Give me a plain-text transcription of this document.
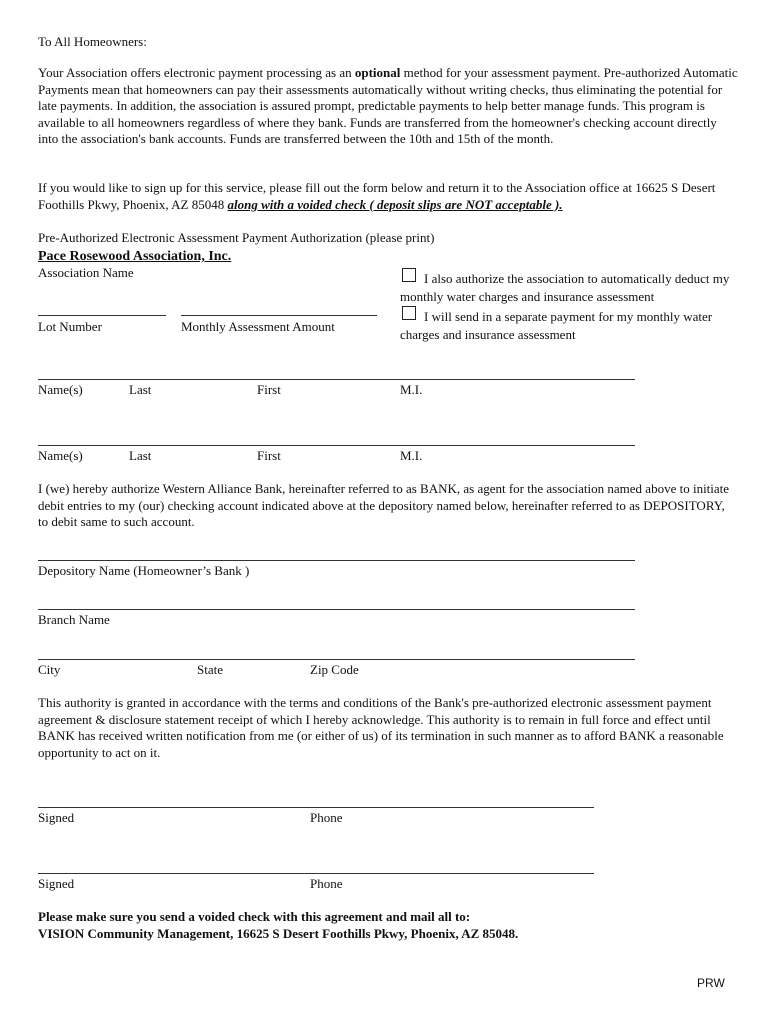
To All Homeowners:
Your Association offers electronic payment processing as an optional method for your assessment payment. Pre-authorized Automatic Payments mean that homeowners can pay their assessments automatically without writing checks, thus eliminating the potential for late payments. In addition, the association is assured prompt, predictable payments to help better manage funds. This program is available to all homeowners regardless of where they bank. Funds are transferred from the homeowner's checking account directly into the association's bank accounts. Funds are transferred between the 10th and 15th of the month.
If you would like to sign up for this service, please fill out the form below and return it to the Association office at 16625 S Desert Foothills Pkwy, Phoenix, AZ 85048 along with a voided check ( deposit slips are NOT acceptable ).
Pre-Authorized Electronic Assessment Payment Authorization (please print)
Pace Rosewood Association, Inc.
Association Name	I also authorize the association to automatically deduct my monthly water charges and insurance assessment
I will send in a separate payment for my monthly water charges and insurance assessment
Lot Number	Monthly Assessment Amount
Name(s)	Last	First	M.I.
Name(s)	Last	First	M.I.
I (we) hereby authorize Western Alliance Bank, hereinafter referred to as BANK, as agent for the association named above to initiate debit entries to my (our) checking account indicated above at the depository named below, hereinafter referred to as DEPOSITORY, to debit same to such account.
Depository Name (Homeowner’s Bank )
Branch Name
City	State	Zip Code
This authority is granted in accordance with the terms and conditions of the Bank's pre-authorized electronic assessment payment agreement & disclosure statement receipt of which I hereby acknowledge. This authority is to remain in full force and effect until BANK has received written notification from me (or either of us) of its termination in such manner as to afford BANK a reasonable opportunity to act on it.
Signed	Phone
Signed	Phone
Please make sure you send a voided check with this agreement and mail all to:
VISION Community Management, 16625 S Desert Foothills Pkwy, Phoenix, AZ 85048.
PRW
